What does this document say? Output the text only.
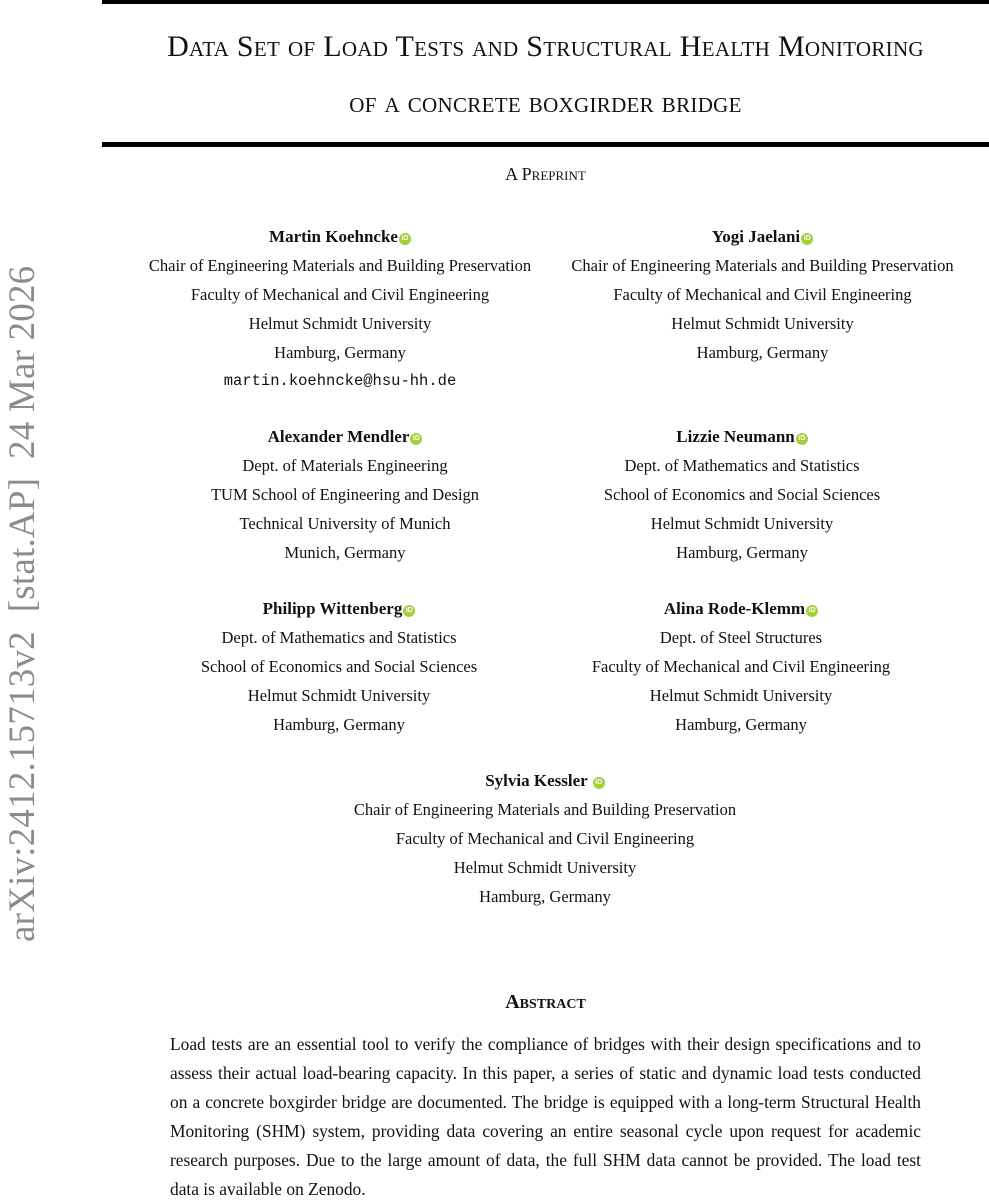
arXiv:2412.15713v2  [stat.AP]  24 Mar 2026
Data Set of Load Tests and Structural Health Monitoring
of a concrete boxgirder bridge
A Preprint
Martin Koehncke iD
Chair of Engineering Materials and Building Preservation
Faculty of Mechanical and Civil Engineering
Helmut Schmidt University
Hamburg, Germany
martin.koehncke@hsu-hh.de
Yogi Jaelani iD
Chair of Engineering Materials and Building Preservation
Faculty of Mechanical and Civil Engineering
Helmut Schmidt University
Hamburg, Germany
Alexander Mendler iD
Dept. of Materials Engineering
TUM School of Engineering and Design
Technical University of Munich
Munich, Germany
Lizzie Neumann iD
Dept. of Mathematics and Statistics
School of Economics and Social Sciences
Helmut Schmidt University
Hamburg, Germany
Philipp Wittenberg iD
Dept. of Mathematics and Statistics
School of Economics and Social Sciences
Helmut Schmidt University
Hamburg, Germany
Alina Rode-Klemm iD
Dept. of Steel Structures
Faculty of Mechanical and Civil Engineering
Helmut Schmidt University
Hamburg, Germany
Sylvia Kessler iD
Chair of Engineering Materials and Building Preservation
Faculty of Mechanical and Civil Engineering
Helmut Schmidt University
Hamburg, Germany
Abstract
Load tests are an essential tool to verify the compliance of bridges with their design specifications and to assess their actual load-bearing capacity. In this paper, a series of static and dynamic load tests conducted on a concrete boxgirder bridge are documented. The bridge is equipped with a long-term Structural Health Monitoring (SHM) system, providing data covering an entire seasonal cycle upon request for academic research purposes. Due to the large amount of data, the full SHM data cannot be provided. The load test data is available on Zenodo.
